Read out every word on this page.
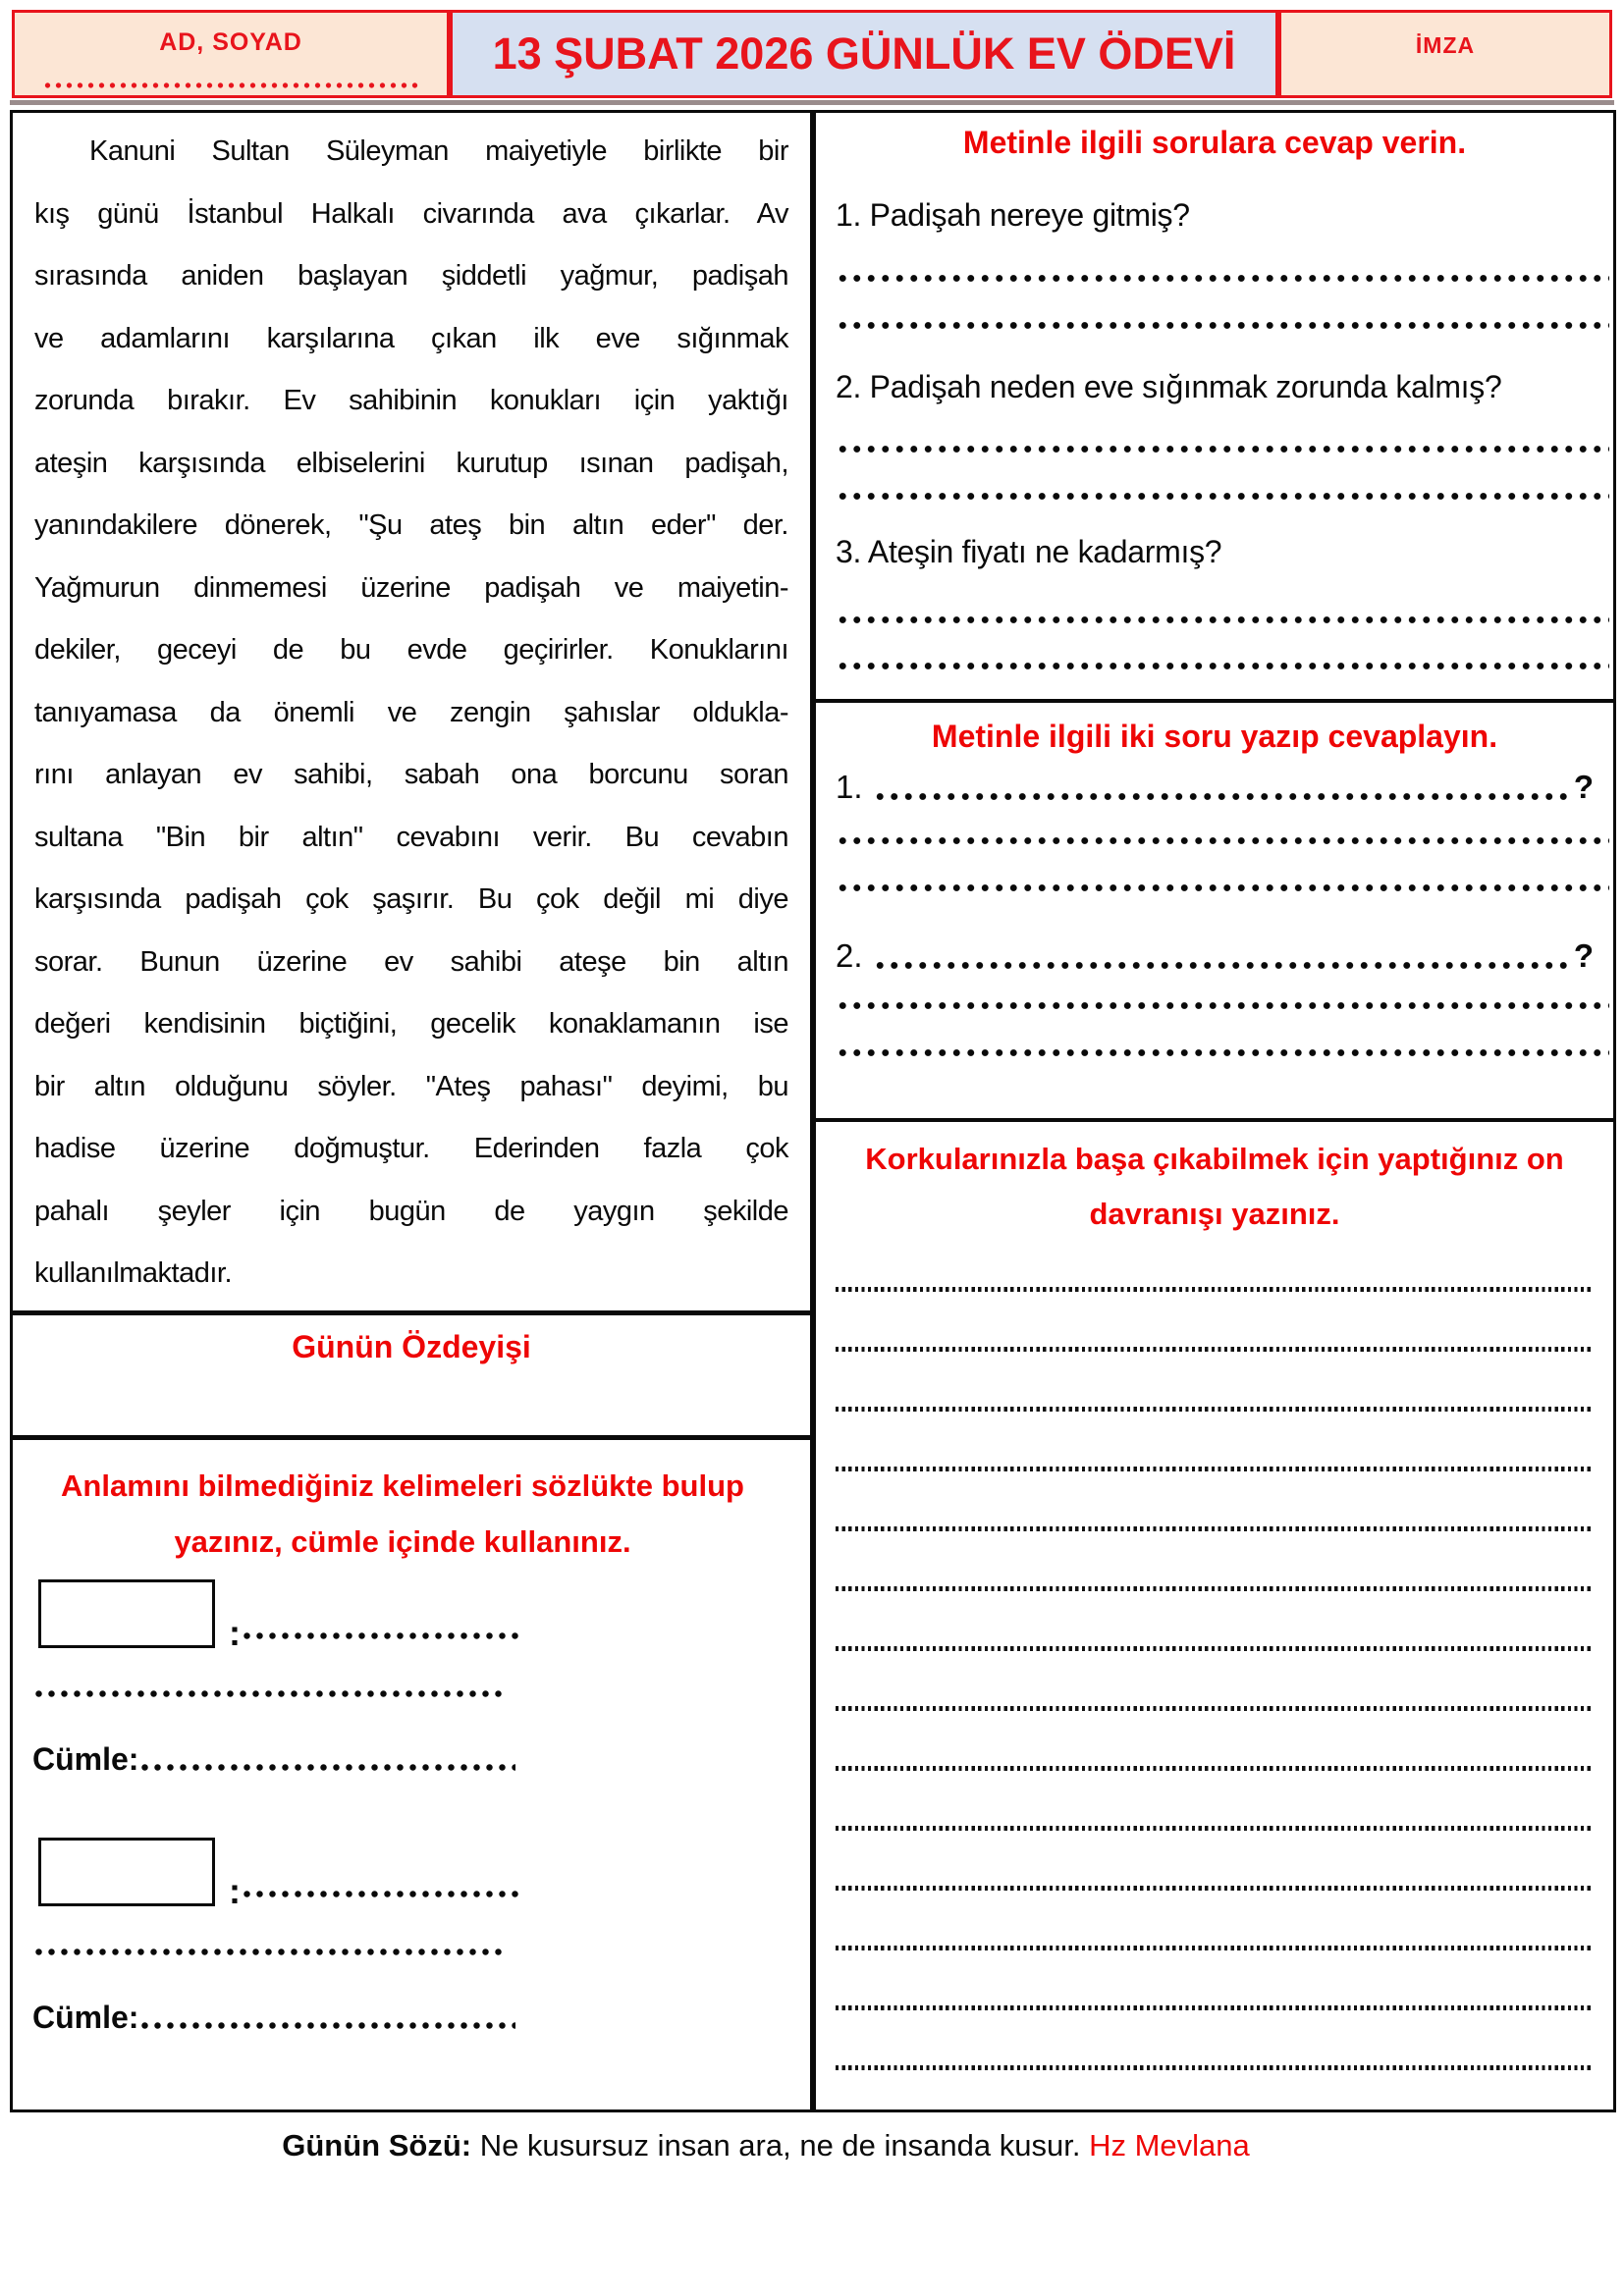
AD, SOYAD	13 ŞUBAT 2026 GÜNLÜK EV ÖDEVİ	İMZA
Kanuni Sultan Süleyman maiyetiyle birlikte bir
kış günü İstanbul Halkalı civarında ava çıkarlar. Av
sırasında aniden başlayan şiddetli yağmur, padişah
ve adamlarını karşılarına çıkan ilk eve sığınmak
zorunda bırakır. Ev sahibinin konukları için yaktığı
ateşin karşısında elbiselerini kurutup ısınan padişah,
yanındakilere dönerek, "Şu ateş bin altın eder" der.
Yağmurun dinmemesi üzerine padişah ve maiyetin-
dekiler, geceyi de bu evde geçirirler. Konuklarını
tanıyamasa da önemli ve zengin şahıslar oldukla-
rını anlayan ev sahibi, sabah ona borcunu soran
sultana "Bin bir altın" cevabını verir. Bu cevabın
karşısında padişah çok şaşırır. Bu çok değil mi diye
sorar. Bunun üzerine ev sahibi ateşe bin altın
değeri kendisinin biçtiğini, gecelik konaklamanın ise
bir altın olduğunu söyler. "Ateş pahası" deyimi, bu
hadise üzerine doğmuştur. Ederinden fazla çok
pahalı şeyler için bugün de yaygın şekilde
kullanılmaktadır.
Günün Özdeyişi
Anlamını bilmediğiniz kelimeleri sözlükte bulup
yazınız, cümle içinde kullanınız.
:
Cümle:
:
Cümle:
Metinle ilgili sorulara cevap verin.
1. Padişah nereye gitmiş?
2. Padişah neden eve sığınmak zorunda kalmış?
3. Ateşin fiyatı ne kadarmış?
Metinle ilgili iki soru yazıp cevaplayın.
1.	?
2.	?
Korkularınızla başa çıkabilmek için yaptığınız on
davranışı yazınız.
Günün Sözü: Ne kusursuz insan ara, ne de insanda kusur. Hz Mevlana
